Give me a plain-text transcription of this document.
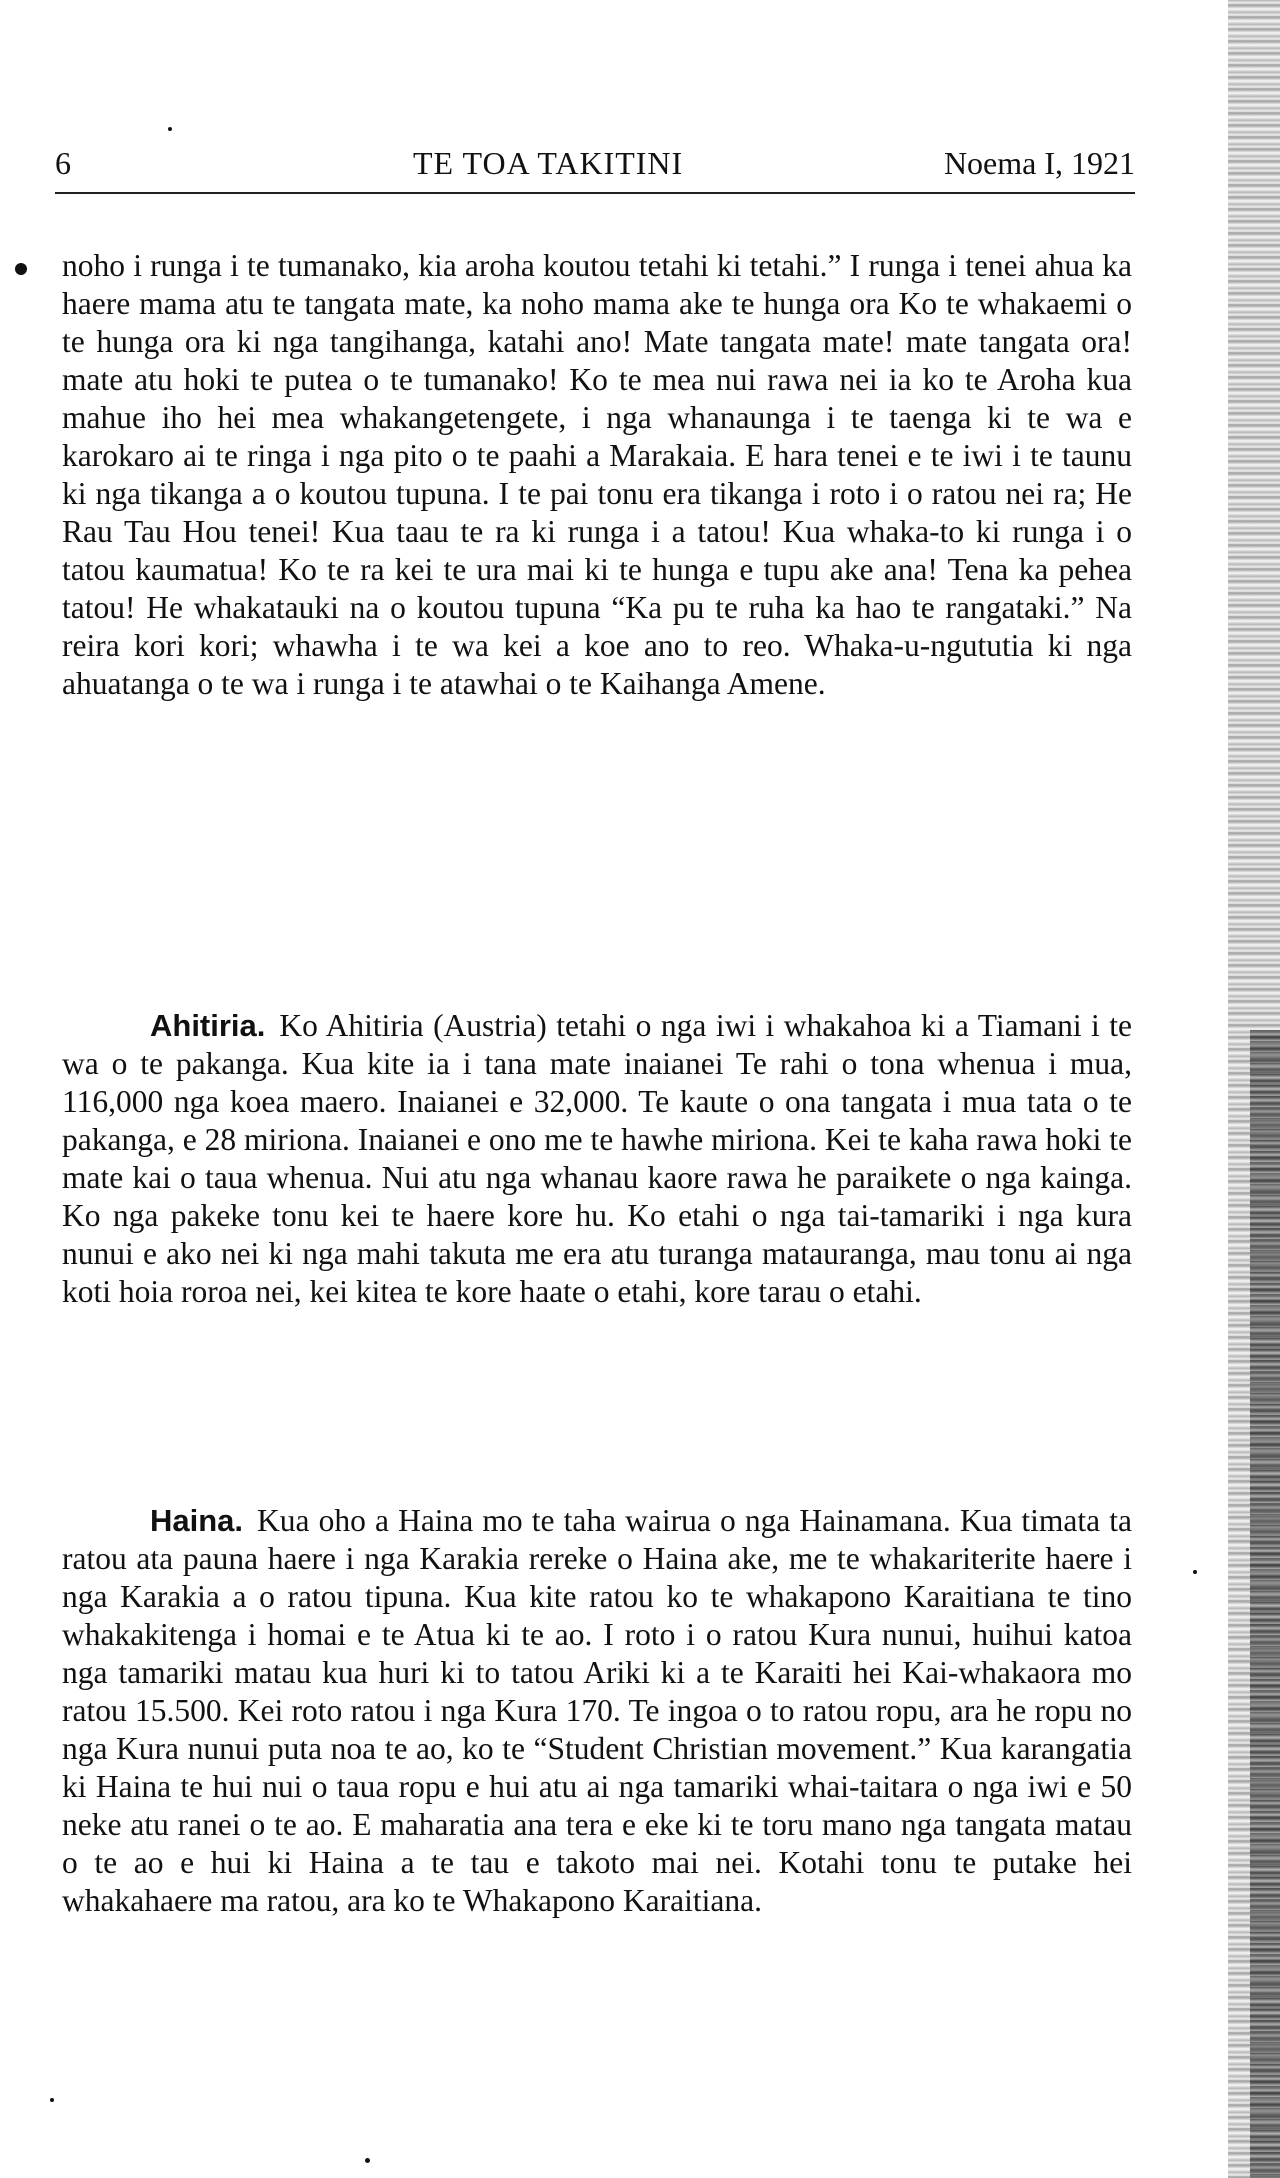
6	TE TOA TAKITINI	Noema I, 1921

noho i runga i te tumanako, kia aroha koutou tetahi ki tetahi.” I runga i tenei ahua ka haere mama atu te tangata mate, ka noho mama ake te hunga ora Ko te whakaemi o te hunga ora ki nga tangihanga, katahi ano! Mate tangata mate! mate tangata ora! mate atu hoki te putea o te tumanako! Ko te mea nui rawa nei ia ko te Aroha kua mahue iho hei mea whakangetengete, i nga whanaunga i te taenga ki te wa e karokaro ai te ringa i nga pito o te paahi a Marakaia. E hara tenei e te iwi i te taunu ki nga tikanga a o koutou tupuna. I te pai tonu era tikanga i roto i o ratou nei ra; He Rau Tau Hou tenei! Kua taau te ra ki runga i a tatou! Kua whaka-to ki runga i o tatou kaumatua! Ko te ra kei te ura mai ki te hunga e tupu ake ana! Tena ka pehea tatou! He whakatauki na o koutou tupuna “Ka pu te ruha ka hao te rangataki.” Na reira kori kori; whawha i te wa kei a koe ano to reo. Whaka-u-ngututia ki nga ahuatanga o te wa i runga i te atawhai o te Kaihanga Amene.

Ahitiria. Ko Ahitiria (Austria) tetahi o nga iwi i whakahoa ki a Tiamani i te wa o te pakanga. Kua kite ia i tana mate inaianei Te rahi o tona whenua i mua, 116,000 nga koea maero. Inaianei e 32,000. Te kaute o ona tangata i mua tata o te pakanga, e 28 miriona. Inaianei e ono me te hawhe miriona. Kei te kaha rawa hoki te mate kai o taua whenua. Nui atu nga whanau kaore rawa he paraikete o nga kainga. Ko nga pakeke tonu kei te haere kore hu. Ko etahi o nga tai-tamariki i nga kura nunui e ako nei ki nga mahi takuta me era atu turanga matauranga, mau tonu ai nga koti hoia roroa nei, kei kitea te kore haate o etahi, kore tarau o etahi.

Haina. Kua oho a Haina mo te taha wairua o nga Hainamana. Kua timata ta ratou ata pauna haere i nga Karakia rereke o Haina ake, me te whakariterite haere i nga Karakia a o ratou tipuna. Kua kite ratou ko te whakapono Karaitiana te tino whakakitenga i homai e te Atua ki te ao. I roto i o ratou Kura nunui, huihui katoa nga tamariki matau kua huri ki to tatou Ariki ki a te Karaiti hei Kai-whakaora mo ratou 15.500. Kei roto ratou i nga Kura 170. Te ingoa o to ratou ropu, ara he ropu no nga Kura nunui puta noa te ao, ko te “Student Christian movement.” Kua karangatia ki Haina te hui nui o taua ropu e hui atu ai nga tamariki whai-taitara o nga iwi e 50 neke atu ranei o te ao. E maharatia ana tera e eke ki te toru mano nga tangata matau o te ao e hui ki Haina a te tau e takoto mai nei. Kotahi tonu te putake hei whakahaere ma ratou, ara ko te Whakapono Karaitiana.
